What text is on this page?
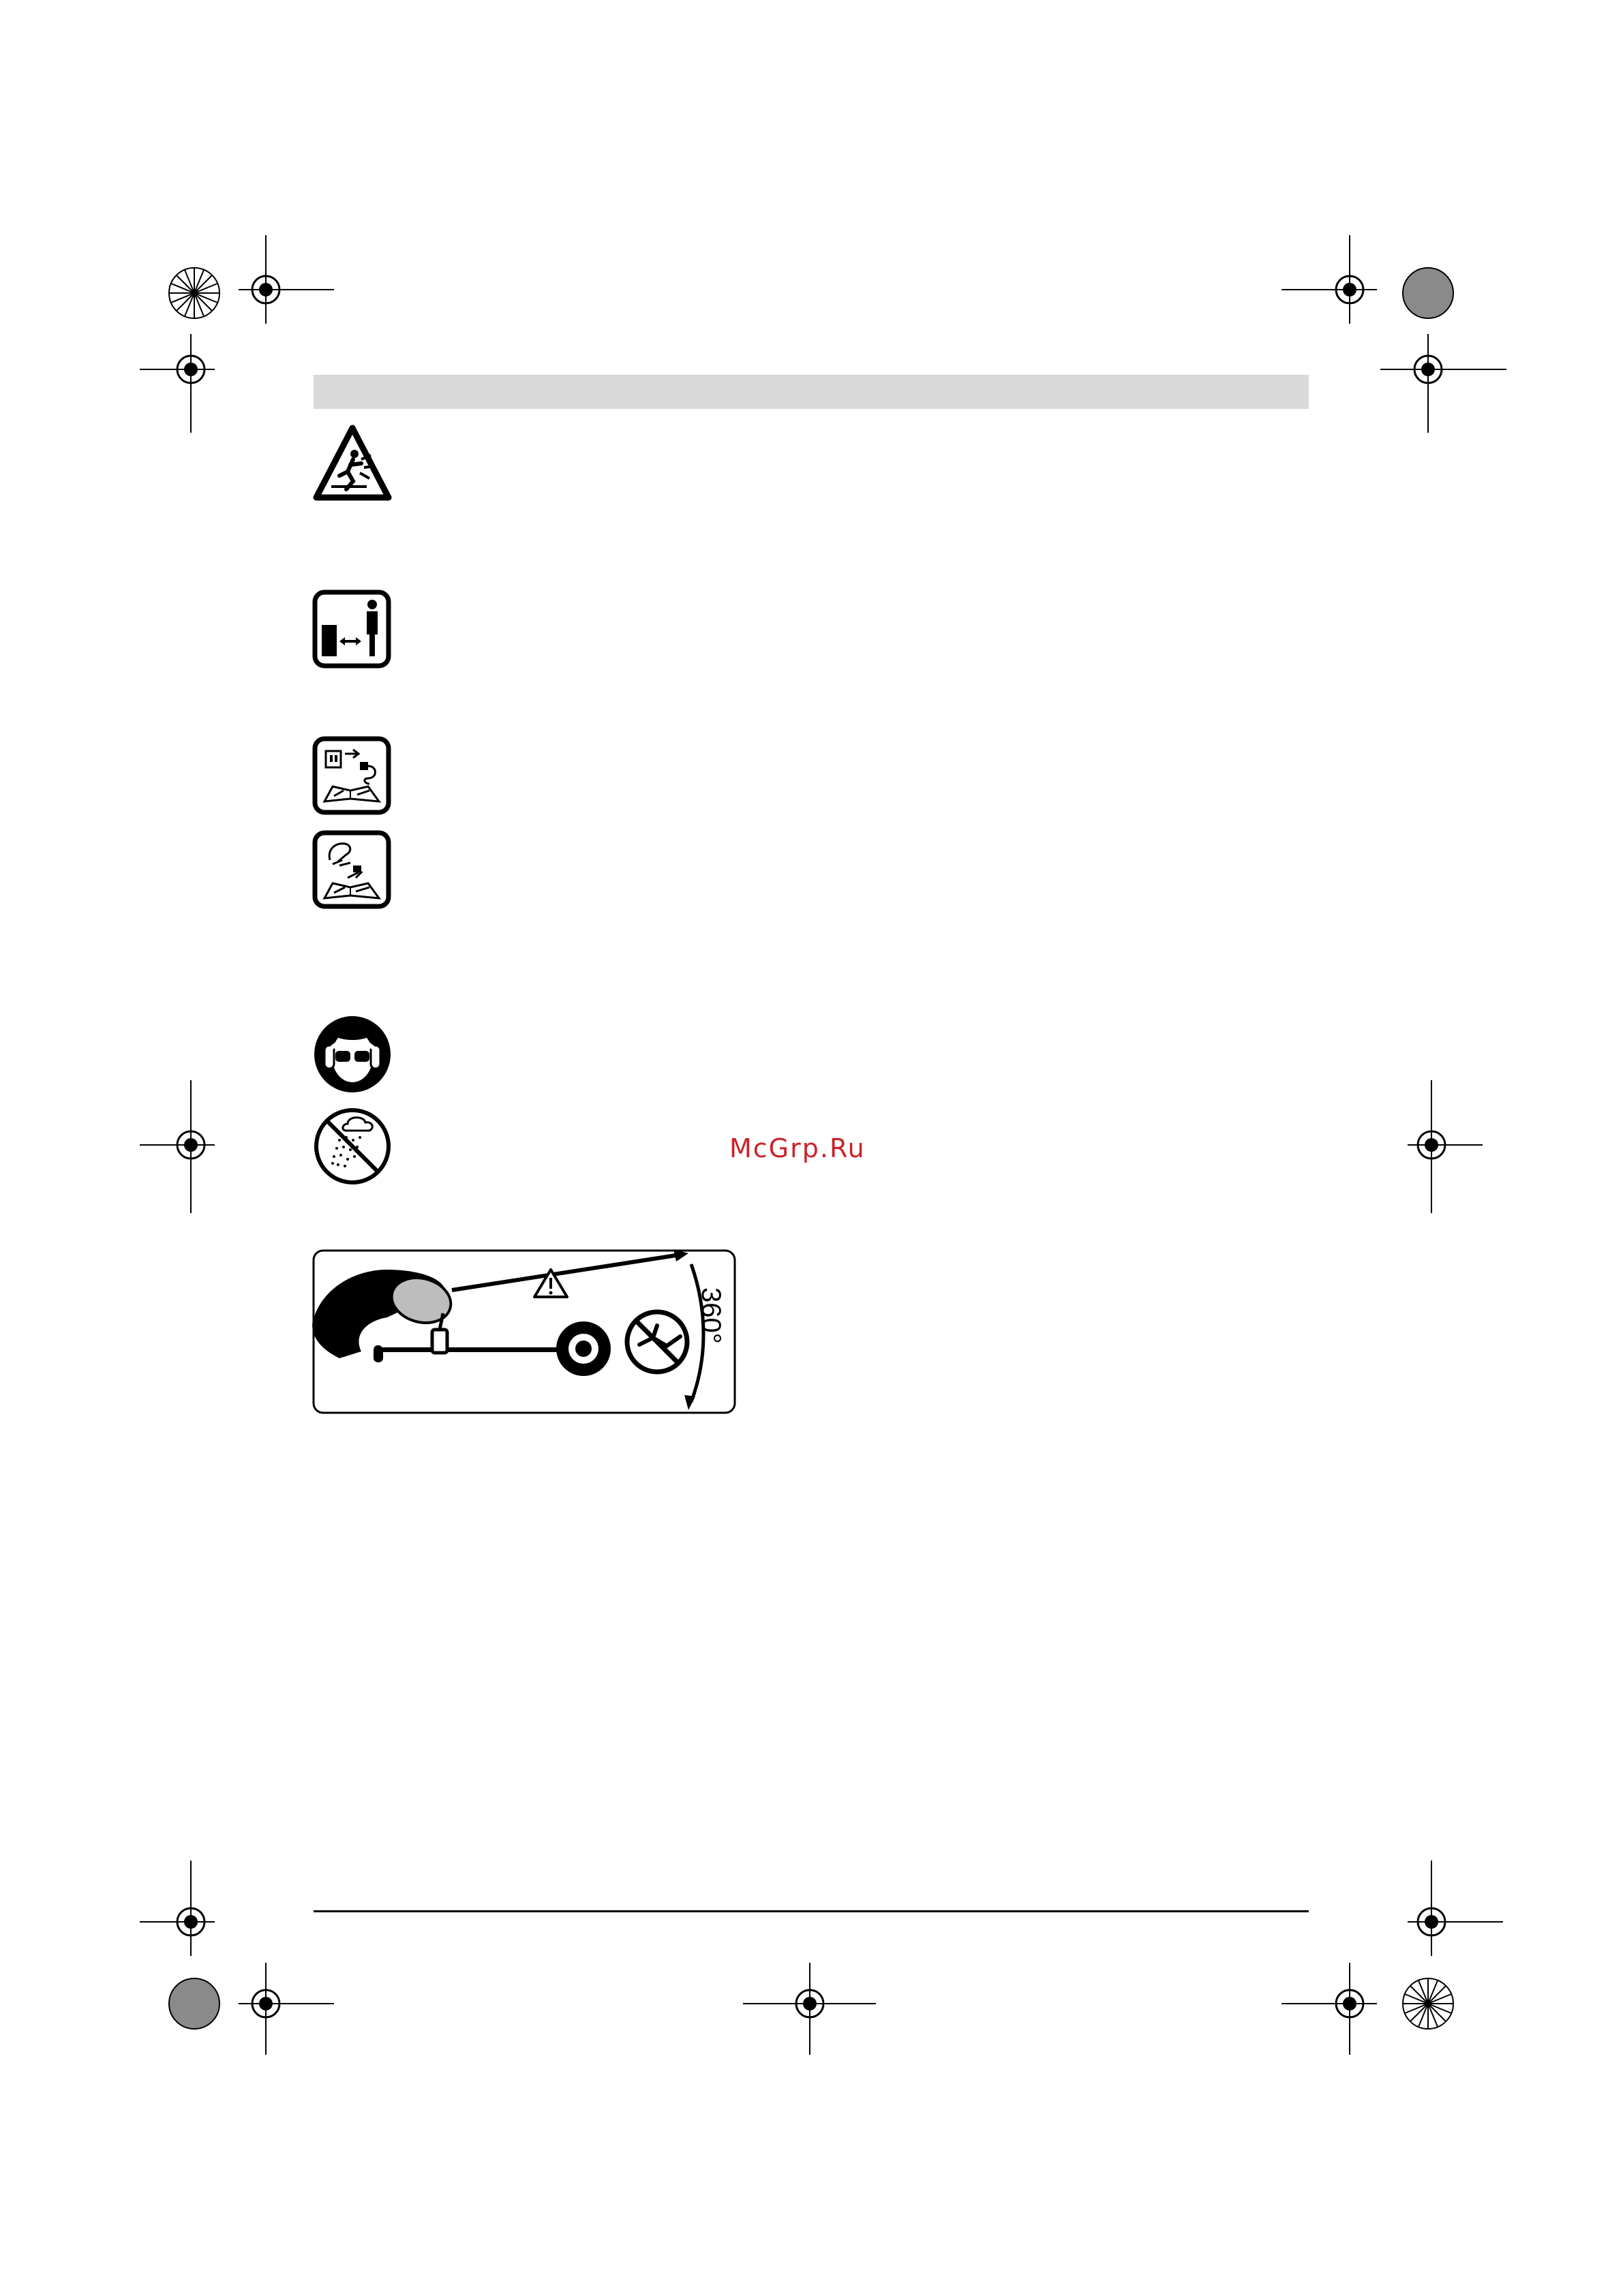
McGrp.Ru
360°
